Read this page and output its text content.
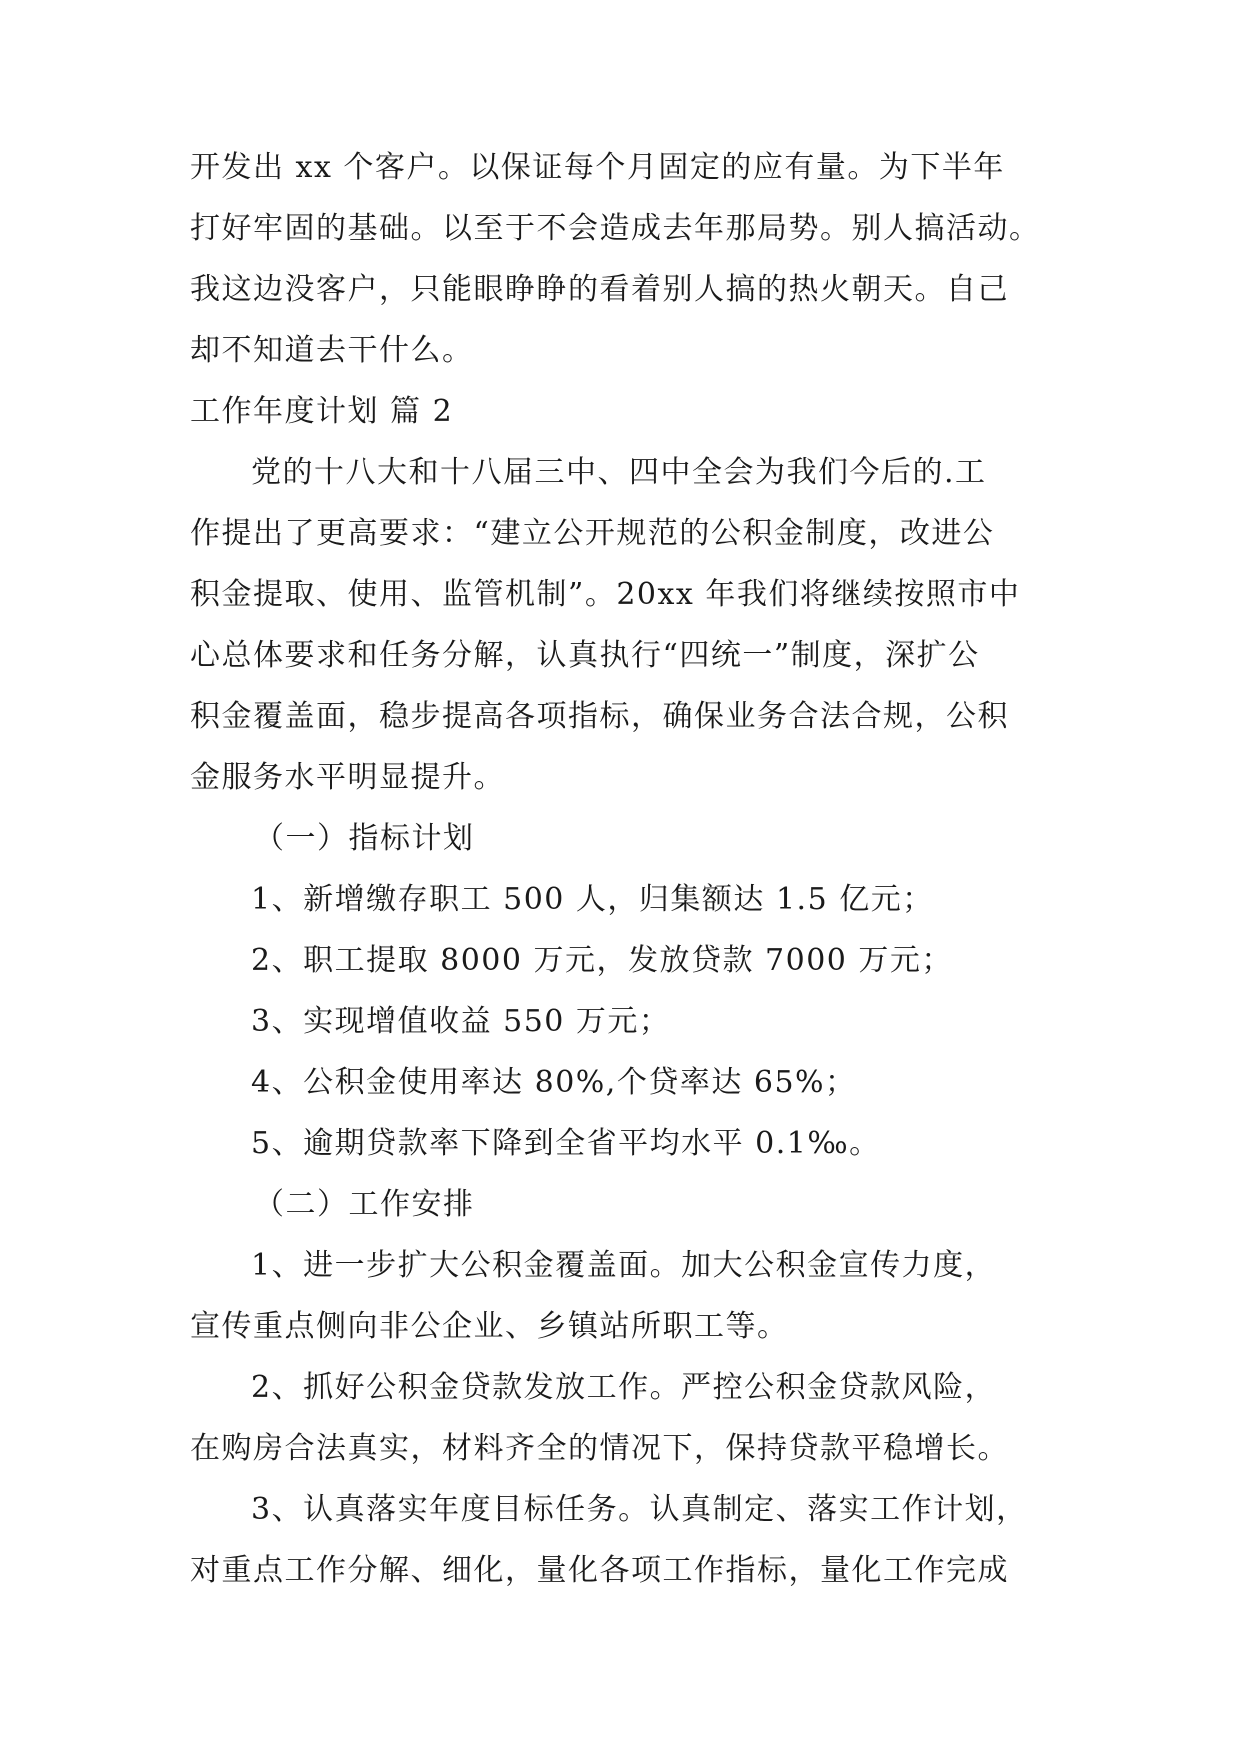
开发出 xx 个客户。以保证每个月固定的应有量。为下半年
打好牢固的基础。以至于不会造成去年那局势。别人搞活动。
我这边没客户，只能眼睁睁的看着别人搞的热火朝天。自己
却不知道去干什么。
工作年度计划 篇 2
党的十八大和十八届三中、四中全会为我们今后的.工
作提出了更高要求：“建立公开规范的公积金制度，改进公
积金提取、使用、监管机制”。20xx 年我们将继续按照市中
心总体要求和任务分解，认真执行“四统一”制度，深扩公
积金覆盖面，稳步提高各项指标，确保业务合法合规，公积
金服务水平明显提升。
（一）指标计划
1、新增缴存职工 500 人，归集额达 1.5 亿元；
2、职工提取 8000 万元，发放贷款 7000 万元；
3、实现增值收益 550 万元；
4、公积金使用率达 80%,个贷率达 65%；
5、逾期贷款率下降到全省平均水平 0.1‰。
（二）工作安排
1、进一步扩大公积金覆盖面。加大公积金宣传力度，
宣传重点侧向非公企业、乡镇站所职工等。
2、抓好公积金贷款发放工作。严控公积金贷款风险，
在购房合法真实，材料齐全的情况下，保持贷款平稳增长。
3、认真落实年度目标任务。认真制定、落实工作计划，
对重点工作分解、细化，量化各项工作指标，量化工作完成
